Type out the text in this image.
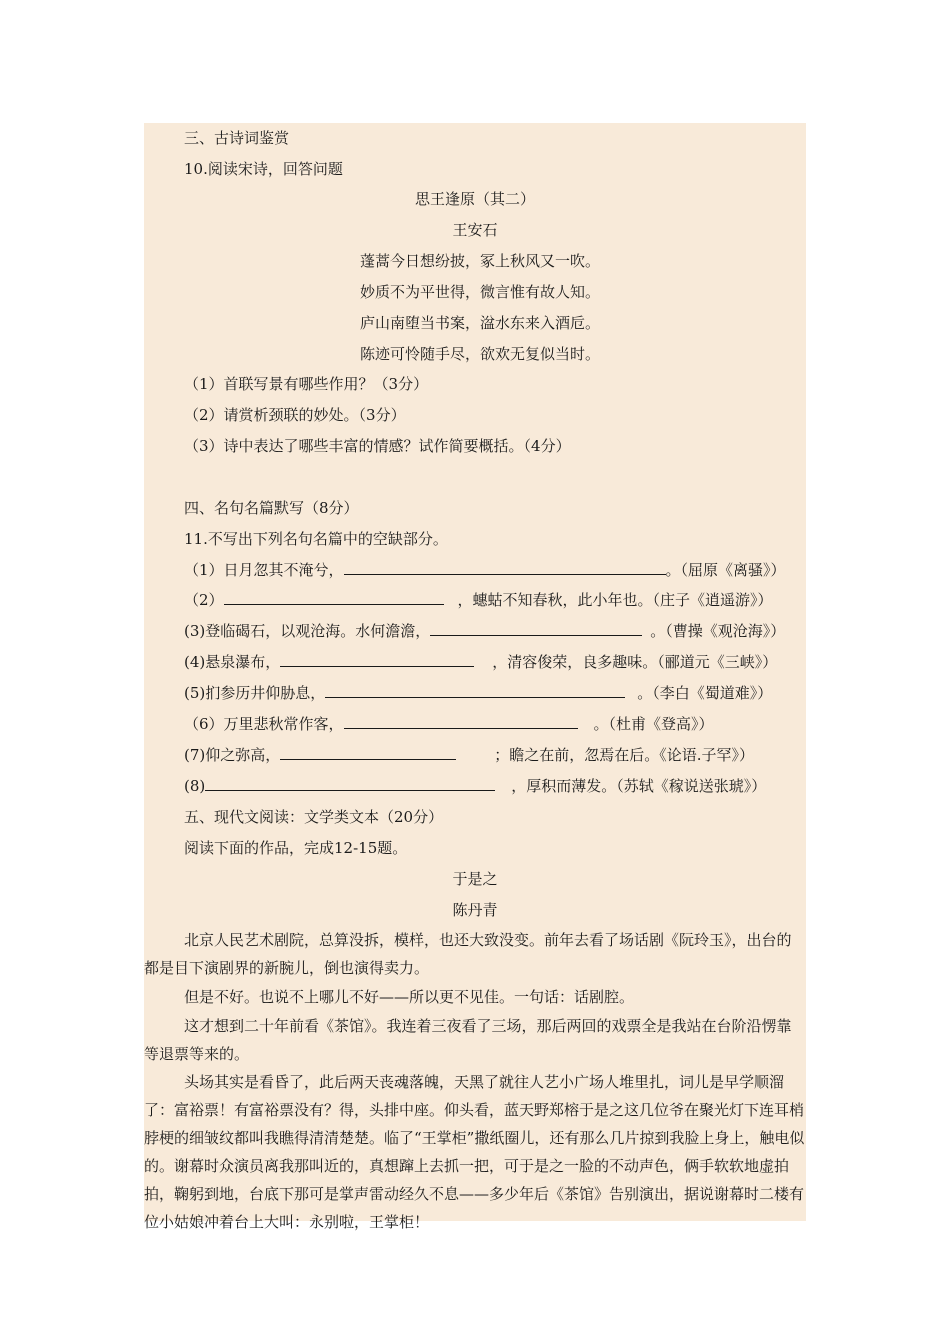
三、古诗词鉴赏
10.阅读宋诗，回答问题
思王逢原（其二）
王安石
蓬蒿今日想纷披，冢上秋风又一吹。
妙质不为平世得，微言惟有故人知。
庐山南堕当书案，湓水东来入酒卮。
陈迹可怜随手尽，欲欢无复似当时。
（1）首联写景有哪些作用？（3分）
（2）请赏析颈联的妙处。（3分）
（3）诗中表达了哪些丰富的情感？试作简要概括。（4分）
四、名句名篇默写（8分）
11.不写出下列名句名篇中的空缺部分。
（1）日月忽其不淹兮，	。（屈原《离骚》）
（2）	，蟪蛄不知春秋，此小年也。（庄子《逍遥游》）
(3)登临碣石，以观沧海。水何澹澹，	。（曹操《观沧海》）
(4)悬泉瀑布，	，清容俊荣，良多趣味。（郦道元《三峡》）
(5)扪参历井仰胁息，	。（李白《蜀道难》）
（6）万里悲秋常作客，	。（杜甫《登高》）
(7)仰之弥高，	；瞻之在前，忽焉在后。《论语.子罕》）
(8)	，厚积而薄发。（苏轼《稼说送张琥》）
五、现代文阅读：文学类文本（20分）
阅读下面的作品，完成12-15题。
于是之
陈丹青
北京人民艺术剧院，总算没拆，模样，也还大致没变。前年去看了场话剧《阮玲玉》，出台的都是目下演剧界的新腕儿，倒也演得卖力。
但是不好。也说不上哪儿不好——所以更不见佳。一句话：话剧腔。
这才想到二十年前看《茶馆》。我连着三夜看了三场，那后两回的戏票全是我站在台阶沿愣靠等退票等来的。
头场其实是看昏了，此后两天丧魂落魄，天黑了就往人艺小广场人堆里扎，词儿是早学顺溜了：富裕票！有富裕票没有？得，头排中座。仰头看，蓝天野郑榕于是之这几位爷在聚光灯下连耳梢脖梗的细皱纹都叫我瞧得清清楚楚。临了“王掌柜”撒纸圈儿，还有那么几片掠到我脸上身上，触电似的。谢幕时众演员离我那叫近的，真想蹿上去抓一把，可于是之一脸的不动声色，俩手软软地虚拍拍，鞠躬到地，台底下那可是掌声雷动经久不息——多少年后《茶馆》告别演出，据说谢幕时二楼有位小姑娘冲着台上大叫：永别啦，王掌柜！
